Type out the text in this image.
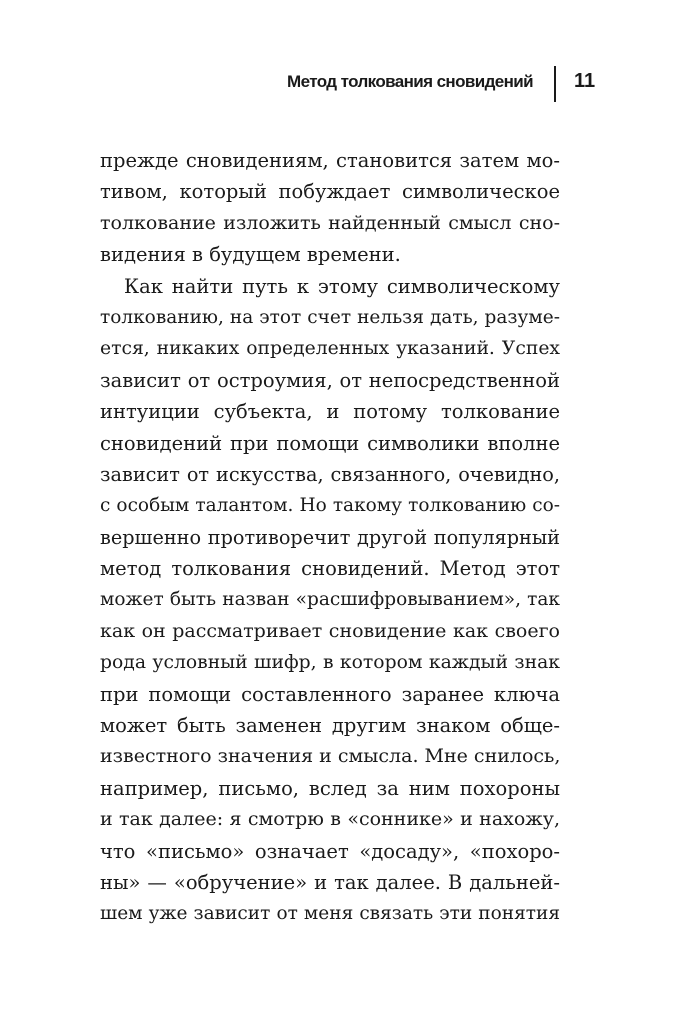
Метод толкования сновидений 11
прежде сновидениям, становится затем мо-
тивом, который побуждает символическое
толкование изложить найденный смысл сно-
видения в будущем времени.
Как найти путь к этому символическому
толкованию, на этот счет нельзя дать, разуме-
ется, никаких определенных указаний. Успех
зависит от остроумия, от непосредственной
интуиции субъекта, и потому толкование
сновидений при помощи символики вполне
зависит от искусства, связанного, очевидно,
с особым талантом. Но такому толкованию со-
вершенно противоречит другой популярный
метод толкования сновидений. Метод этот
может быть назван «расшифровыванием», так
как он рассматривает сновидение как своего
рода условный шифр, в котором каждый знак
при помощи составленного заранее ключа
может быть заменен другим знаком обще-
известного значения и смысла. Мне снилось,
например, письмо, вслед за ним похороны
и так далее: я смотрю в «соннике» и нахожу,
что «письмо» означает «досаду», «похоро-
ны» — «обручение» и так далее. В дальней-
шем уже зависит от меня связать эти понятия
